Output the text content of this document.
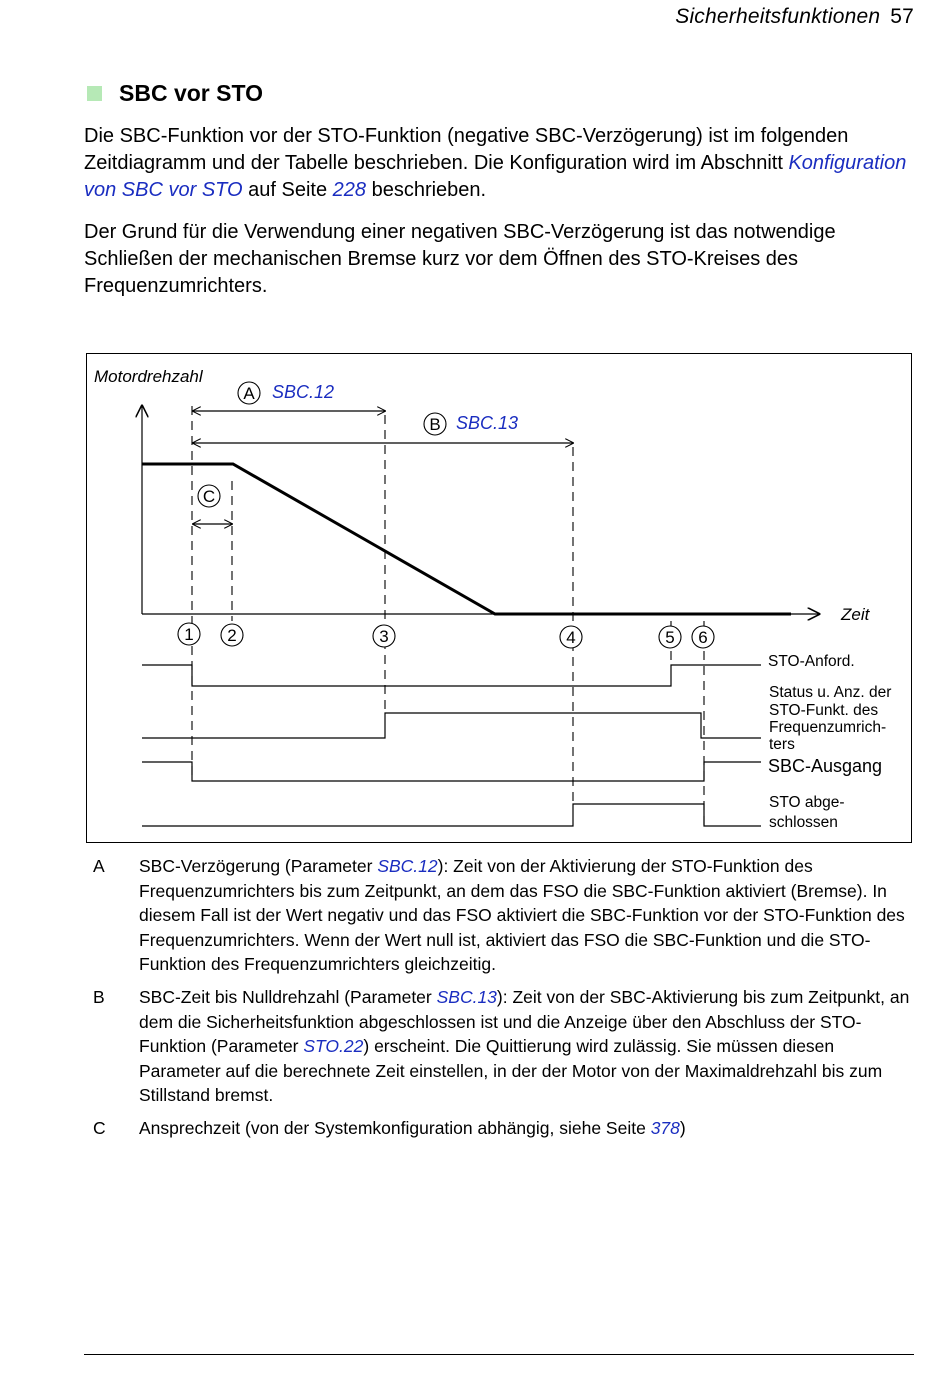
Sicherheitsfunktionen 57
SBC vor STO

Die SBC-Funktion vor der STO-Funktion (negative SBC-Verzögerung) ist im folgenden Zeitdiagramm und der Tabelle beschrieben. Die Konfiguration wird im Abschnitt Konfiguration von SBC vor STO auf Seite 228 beschrieben.

Der Grund für die Verwendung einer negativen SBC-Verzögerung ist das notwendige Schließen der mechanischen Bremse kurz vor dem Öffnen des STO-Kreises des Frequenzumrichters.

Motordrehzahl
Zeit
A SBC.12
B SBC.13
C
1 2	3	4	5 6
STO-Anford.
Status u. Anz. der
STO-Funkt. des
Frequenzumrich-
ters
SBC-Ausgang
STO abge-
schlossen
A	SBC-Verzögerung (Parameter SBC.12): Zeit von der Aktivierung der STO-Funktion des Frequenzumrichters bis zum Zeitpunkt, an dem das FSO die SBC-Funktion aktiviert (Bremse). In diesem Fall ist der Wert negativ und das FSO aktiviert die SBC-Funktion vor der STO-Funktion des Frequenzumrichters. Wenn der Wert null ist, aktiviert das FSO die SBC-Funktion und die STO-Funktion des Frequenzumrichters gleichzeitig.
B	SBC-Zeit bis Nulldrehzahl (Parameter SBC.13): Zeit von der SBC-Aktivierung bis zum Zeitpunkt, an dem die Sicherheitsfunktion abgeschlossen ist und die Anzeige über den Abschluss der STO-Funktion (Parameter STO.22) erscheint. Die Quittierung wird zulässig. Sie müssen diesen Parameter auf die berechnete Zeit einstellen, in der der Motor von der Maximaldrehzahl bis zum Stillstand bremst.
C	Ansprechzeit (von der Systemkonfiguration abhängig, siehe Seite 378)
